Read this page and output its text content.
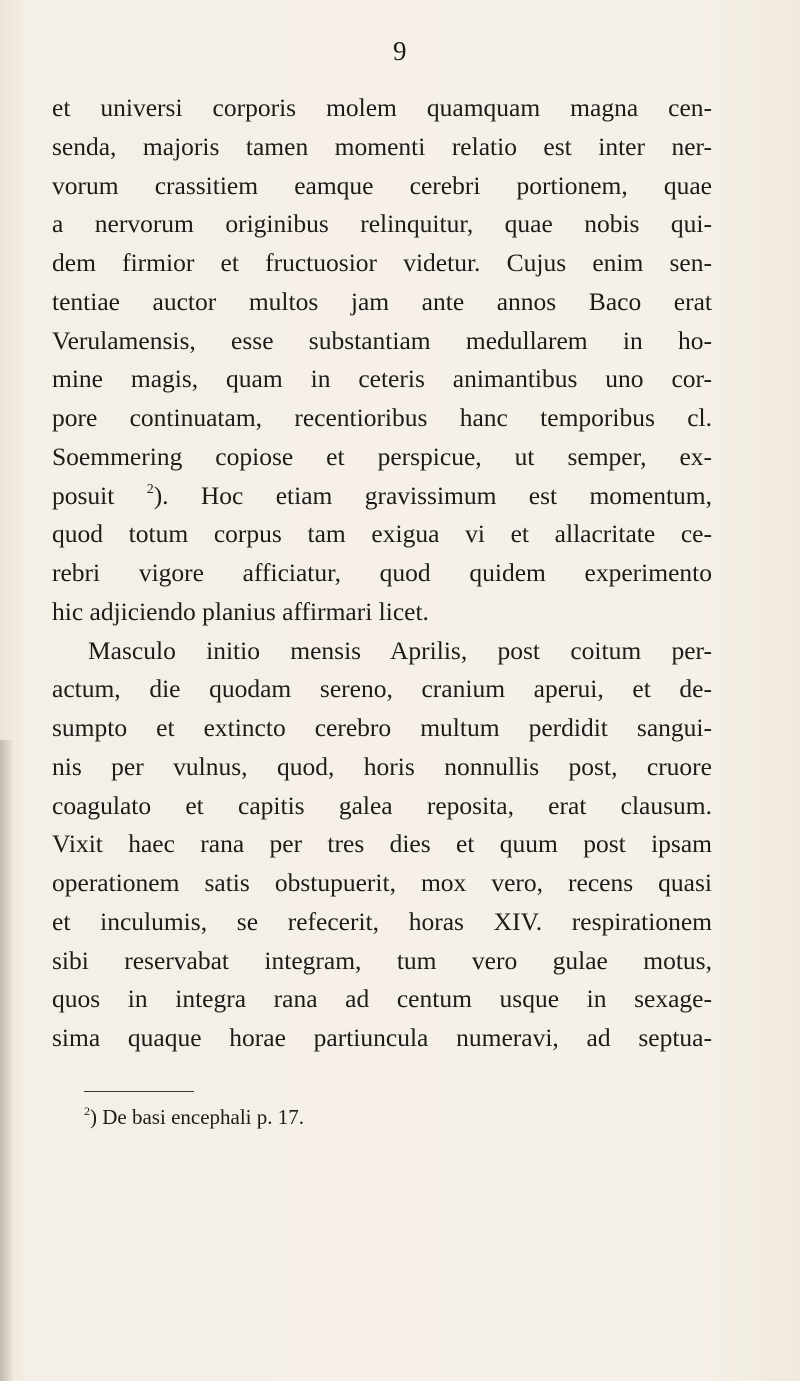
9
et universi corporis molem quamquam magna cen-
senda, majoris tamen momenti relatio est inter ner-
vorum crassitiem eamque cerebri portionem, quae
a nervorum originibus relinquitur, quae nobis qui-
dem firmior et fructuosior videtur. Cujus enim sen-
tentiae auctor multos jam ante annos Baco erat
Verulamensis, esse substantiam medullarem in ho-
mine magis, quam in ceteris animantibus uno cor-
pore continuatam, recentioribus hanc temporibus cl.
Soemmering copiose et perspicue, ut semper, ex-
posuit $^2$). Hoc etiam gravissimum est momentum,
quod totum corpus tam exigua vi et allacritate ce-
rebri vigore afficiatur, quod quidem experimento
hic adjiciendo planius affirmari licet.
Masculo initio mensis Aprilis, post coitum per-
actum, die quodam sereno, cranium aperui, et de-
sumpto et extincto cerebro multum perdidit sangui-
nis per vulnus, quod, horis nonnullis post, cruore
coagulato et capitis galea reposita, erat clausum.
Vixit haec rana per tres dies et quum post ipsam
operationem satis obstupuerit, mox vero, recens quasi
et inculumis, se refecerit, horas XIV. respirationem
sibi reservabat integram, tum vero gulae motus,
quos in integra rana ad centum usque in sexage-
sima quaque horae partiuncula numeravi, ad septua-
$^2$) De basi encephali p. 17.
